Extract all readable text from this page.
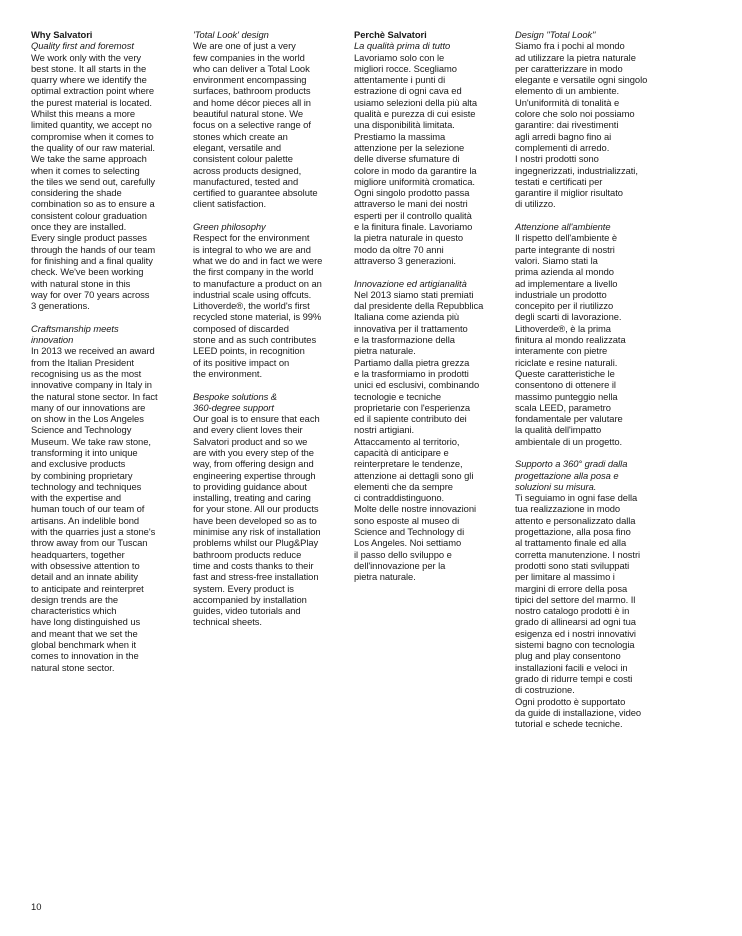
Why Salvatori

Quality first and foremost

We work only with the very
best stone. It all starts in the
quarry where we identify the
optimal extraction point where
the purest material is located.
Whilst this means a more
limited quantity, we accept no
compromise when it comes to
the quality of our raw material.
We take the same approach
when it comes to selecting
the tiles we send out, carefully
considering the shade
combination so as to ensure a
consistent colour graduation
once they are installed.
Every single product passes
through the hands of our team
for finishing and a final quality
check. We've been working
with natural stone in this
way for over 70 years across
3 generations.

Craftsmanship meets
innovation

In 2013 we received an award
from the Italian President
recognising us as the most
innovative company in Italy in
the natural stone sector. In fact
many of our innovations are
on show in the Los Angeles
Science and Technology
Museum. We take raw stone,
transforming it into unique
and exclusive products
by combining proprietary
technology and techniques
with the expertise and
human touch of our team of
artisans. An indelible bond
with the quarries just a stone's
throw away from our Tuscan
headquarters, together
with obsessive attention to
detail and an innate ability
to anticipate and reinterpret
design trends are the
characteristics which
have long distinguished us
and meant that we set the
global benchmark when it
comes to innovation in the
natural stone sector.

'Total Look' design

We are one of just a very
few companies in the world
who can deliver a Total Look
environment encompassing
surfaces, bathroom products
and home décor pieces all in
beautiful natural stone. We
focus on a selective range of
stones which create an
elegant, versatile and
consistent colour palette
across products designed,
manufactured, tested and
certified to guarantee absolute
client satisfaction.

Green philosophy

Respect for the environment
is integral to who we are and
what we do and in fact we were
the first company in the world
to manufacture a product on an
industrial scale using offcuts.
Lithoverde®, the world's first
recycled stone material, is 99%
composed of discarded
stone and as such contributes
LEED points, in recognition
of its positive impact on
the environment.

Bespoke solutions &
360-degree support

Our goal is to ensure that each
and every client loves their
Salvatori product and so we
are with you every step of the
way, from offering design and
engineering expertise through
to providing guidance about
installing, treating and caring
for your stone. All our products
have been developed so as to
minimise any risk of installation
problems whilst our Plug&Play
bathroom products reduce
time and costs thanks to their
fast and stress-free installation
system. Every product is
accompanied by installation
guides, video tutorials and
technical sheets.

Perchè Salvatori

La qualità prima di tutto

Lavoriamo solo con le
migliori rocce. Scegliamo
attentamente i punti di
estrazione di ogni cava ed
usiamo selezioni della più alta
qualità e purezza di cui esiste
una disponibilità limitata.
Prestiamo la massima
attenzione per la selezione
delle diverse sfumature di
colore in modo da garantire la
migliore uniformità cromatica.
Ogni singolo prodotto passa
attraverso le mani dei nostri
esperti per il controllo qualità
e la finitura finale. Lavoriamo
la pietra naturale in questo
modo da oltre 70 anni
attraverso 3 generazioni.

Innovazione ed artigianalità

Nel 2013 siamo stati premiati
dal presidente della Repubblica
Italiana come azienda più
innovativa per il trattamento
e la trasformazione della
pietra naturale.
Partiamo dalla pietra grezza
e la trasformiamo in prodotti
unici ed esclusivi, combinando
tecnologie e tecniche
proprietarie con l'esperienza
ed il sapiente contributo dei
nostri artigiani.
Attaccamento al territorio,
capacità di anticipare e
reinterpretare le tendenze,
attenzione ai dettagli sono gli
elementi che da sempre
ci contraddistinguono.
Molte delle nostre innovazioni
sono esposte al museo di
Science and Technology di
Los Angeles. Noi settiamo
il passo dello sviluppo e
dell'innovazione per la
pietra naturale.

Design "Total Look"

Siamo fra i pochi al mondo
ad utilizzare la pietra naturale
per caratterizzare in modo
elegante e versatile ogni singolo
elemento di un ambiente.
Un'uniformità di tonalità e
colore che solo noi possiamo
garantire: dai rivestimenti
agli arredi bagno fino ai
complementi di arredo.
I nostri prodotti sono
ingegnerizzati, industrializzati,
testati e certificati per
garantire il miglior risultato
di utilizzo.

Attenzione all'ambiente

Il rispetto dell'ambiente è
parte integrante di nostri
valori. Siamo stati la
prima azienda al mondo
ad implementare a livello
industriale un prodotto
concepito per il riutilizzo
degli scarti di lavorazione.
Lithoverde®, è la prima
finitura al mondo realizzata
interamente con pietre
riciclate e resine naturali.
Queste caratteristiche le
consentono di ottenere il
massimo punteggio nella
scala LEED, parametro
fondamentale per valutare
la qualità dell'impatto
ambientale di un progetto.

Supporto a 360° gradi dalla
progettazione alla posa e
soluzioni su misura.

Ti seguiamo in ogni fase della
tua realizzazione in modo
attento e personalizzato dalla
progettazione, alla posa fino
al trattamento finale ed alla
corretta manutenzione. I nostri
prodotti sono stati sviluppati
per limitare al massimo i
margini di errore della posa
tipici del settore del marmo. Il
nostro catalogo prodotti è in
grado di allinearsi ad ogni tua
esigenza ed i nostri innovativi
sistemi bagno con tecnologia
plug and play consentono
installazioni facili e veloci in
grado di ridurre tempi e costi
di costruzione.
Ogni prodotto è supportato
da guide di installazione, video
tutorial e schede tecniche.

10
